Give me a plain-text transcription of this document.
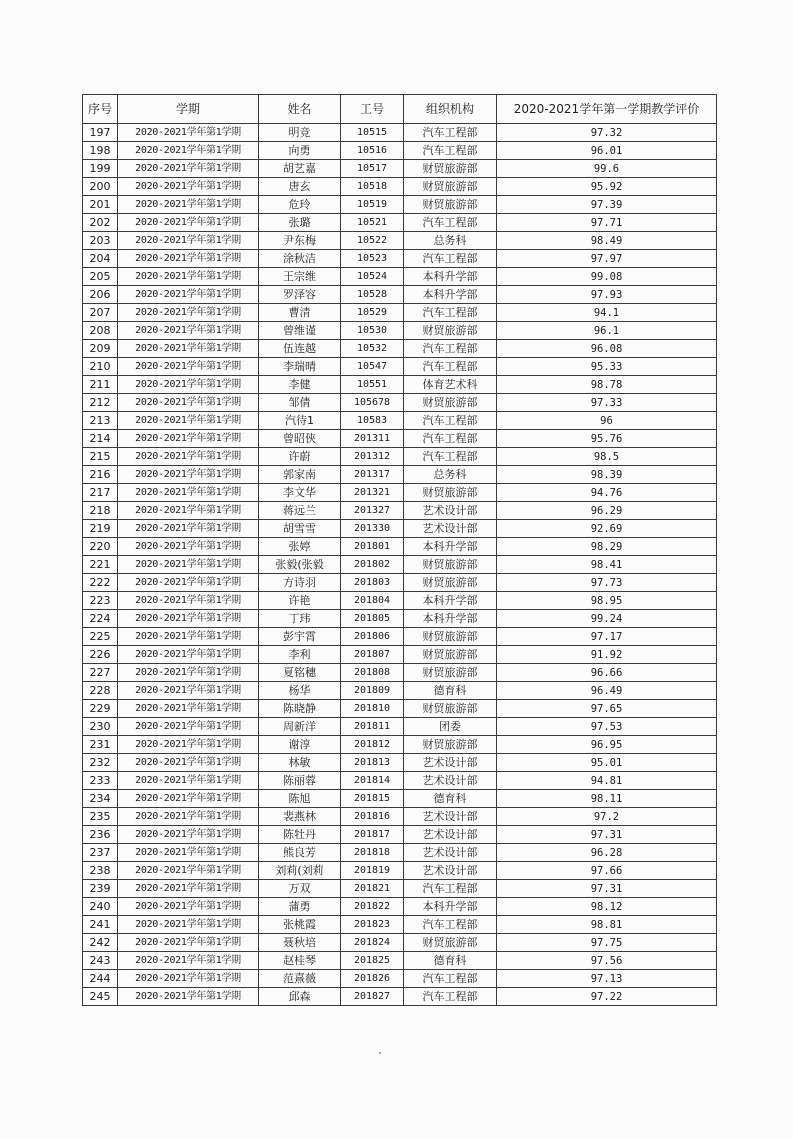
序号	学期	姓名	工号	组织机构	2020-2021学年第一学期教学评价
197	2020-2021学年第1学期	明竞	10515	汽车工程部	97.32
198	2020-2021学年第1学期	向勇	10516	汽车工程部	96.01
199	2020-2021学年第1学期	胡艺嘉	10517	财贸旅游部	99.6
200	2020-2021学年第1学期	唐玄	10518	财贸旅游部	95.92
201	2020-2021学年第1学期	危玲	10519	财贸旅游部	97.39
202	2020-2021学年第1学期	张璐	10521	汽车工程部	97.71
203	2020-2021学年第1学期	尹东梅	10522	总务科	98.49
204	2020-2021学年第1学期	涂秋洁	10523	汽车工程部	97.97
205	2020-2021学年第1学期	王宗维	10524	本科升学部	99.08
206	2020-2021学年第1学期	罗泽容	10528	本科升学部	97.93
207	2020-2021学年第1学期	曹清	10529	汽车工程部	94.1
208	2020-2021学年第1学期	曾维谨	10530	财贸旅游部	96.1
209	2020-2021学年第1学期	伍连越	10532	汽车工程部	96.08
210	2020-2021学年第1学期	李瑞晴	10547	汽车工程部	95.33
211	2020-2021学年第1学期	李健	10551	体育艺术科	98.78
212	2020-2021学年第1学期	邹倩	105678	财贸旅游部	97.33
213	2020-2021学年第1学期	汽待1	10583	汽车工程部	96
214	2020-2021学年第1学期	曾昭俠	201311	汽车工程部	95.76
215	2020-2021学年第1学期	许蔚	201312	汽车工程部	98.5
216	2020-2021学年第1学期	郭家南	201317	总务科	98.39
217	2020-2021学年第1学期	李文华	201321	财贸旅游部	94.76
218	2020-2021学年第1学期	蒋远兰	201327	艺术设计部	96.29
219	2020-2021学年第1学期	胡雪雪	201330	艺术设计部	92.69
220	2020-2021学年第1学期	张婷	201801	本科升学部	98.29
221	2020-2021学年第1学期	张毅(张毅	201802	财贸旅游部	98.41
222	2020-2021学年第1学期	方诗羽	201803	财贸旅游部	97.73
223	2020-2021学年第1学期	许艳	201804	本科升学部	98.95
224	2020-2021学年第1学期	丁玮	201805	本科升学部	99.24
225	2020-2021学年第1学期	彭宇霄	201806	财贸旅游部	97.17
226	2020-2021学年第1学期	李利	201807	财贸旅游部	91.92
227	2020-2021学年第1学期	夏铭穗	201808	财贸旅游部	96.66
228	2020-2021学年第1学期	杨华	201809	德育科	96.49
229	2020-2021学年第1学期	陈晓静	201810	财贸旅游部	97.65
230	2020-2021学年第1学期	周新洋	201811	团委	97.53
231	2020-2021学年第1学期	谢淳	201812	财贸旅游部	96.95
232	2020-2021学年第1学期	林敏	201813	艺术设计部	95.01
233	2020-2021学年第1学期	陈丽蓉	201814	艺术设计部	94.81
234	2020-2021学年第1学期	陈旭	201815	德育科	98.11
235	2020-2021学年第1学期	裴燕林	201816	艺术设计部	97.2
236	2020-2021学年第1学期	陈牡丹	201817	艺术设计部	97.31
237	2020-2021学年第1学期	熊良芳	201818	艺术设计部	96.28
238	2020-2021学年第1学期	刘莉(刘莉	201819	艺术设计部	97.66
239	2020-2021学年第1学期	万双	201821	汽车工程部	97.31
240	2020-2021学年第1学期	蒲勇	201822	本科升学部	98.12
241	2020-2021学年第1学期	张桃霞	201823	汽车工程部	98.81
242	2020-2021学年第1学期	聂秋培	201824	财贸旅游部	97.75
243	2020-2021学年第1学期	赵桂琴	201825	德育科	97.56
244	2020-2021学年第1学期	范熹薇	201826	汽车工程部	97.13
245	2020-2021学年第1学期	邱森	201827	汽车工程部	97.22
